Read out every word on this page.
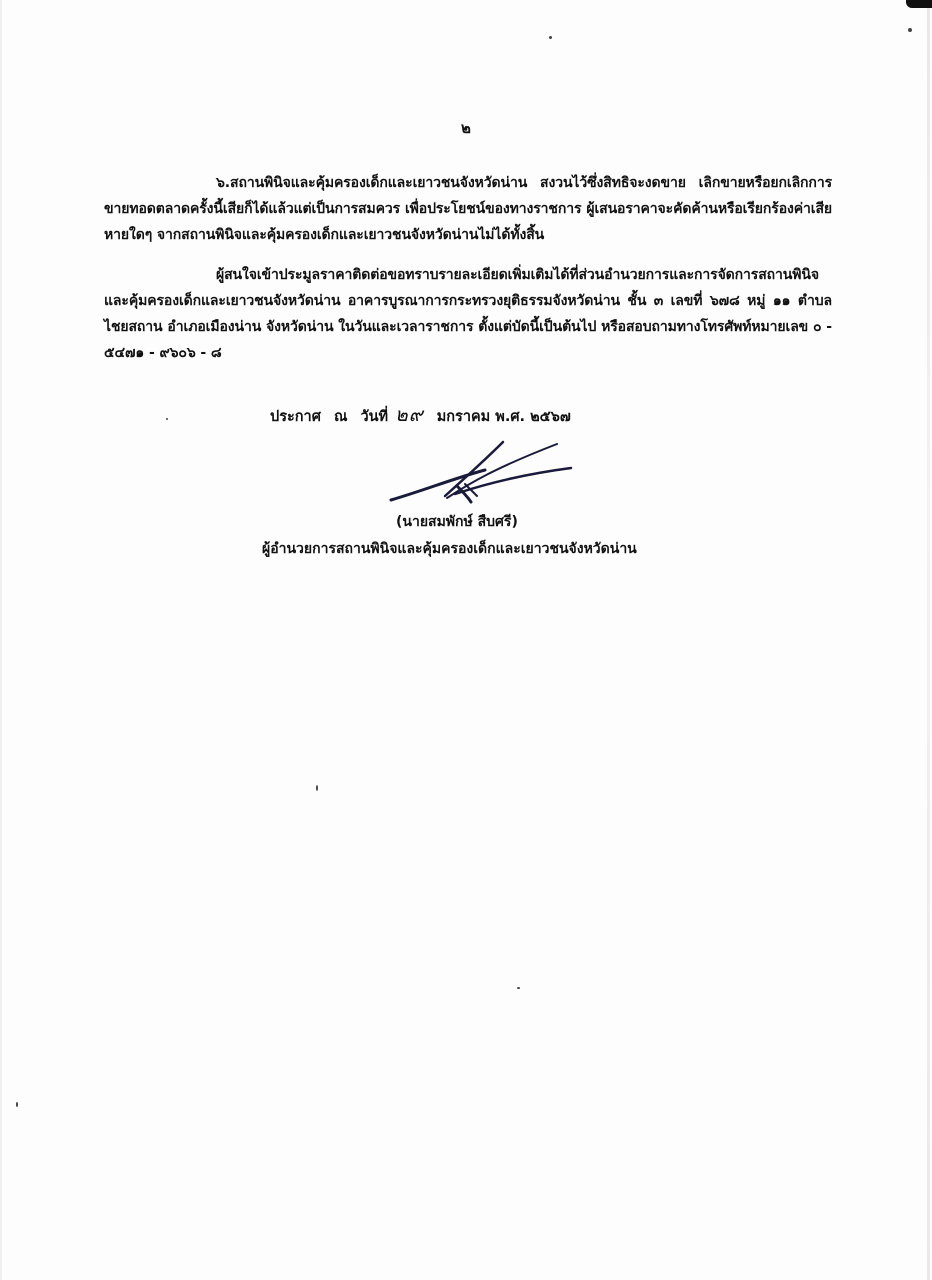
๒

๖.สถานพินิจและคุ้มครองเด็กและเยาวชนจังหวัดน่าน สงวนไว้ซึ่งสิทธิจะงดขาย เลิกขายหรือยกเลิกการขายทอดตลาดครั้งนี้เสียก็ได้แล้วแต่เป็นการสมควร เพื่อประโยชน์ของทางราชการ ผู้เสนอราคาจะคัดค้านหรือเรียกร้องค่าเสียหายใดๆ จากสถานพินิจและคุ้มครองเด็กและเยาวชนจังหวัดน่านไม่ได้ทั้งสิ้น

ผู้สนใจเข้าประมูลราคาติดต่อขอทราบรายละเอียดเพิ่มเติมได้ที่ส่วนอำนวยการและการจัดการสถานพินิจและคุ้มครองเด็กและเยาวชนจังหวัดน่าน อาคารบูรณาการกระทรวงยุติธรรมจังหวัดน่าน ชั้น ๓ เลขที่ ๖๗๘ หมู่ ๑๑ ตำบลไชยสถาน อำเภอเมืองน่าน จังหวัดน่าน ในวันและเวลาราชการ ตั้งแต่บัดนี้เป็นต้นไป หรือสอบถามทางโทรศัพท์หมายเลข ๐ - ๕๔๗๑ - ๙๖๐๖ - ๘

ประกาศ ณ วันที่ ๒๙ มกราคม พ.ศ. ๒๕๖๗
(นายสมพักษ์ สืบศรี)
ผู้อำนวยการสถานพินิจและคุ้มครองเด็กและเยาวชนจังหวัดน่าน
